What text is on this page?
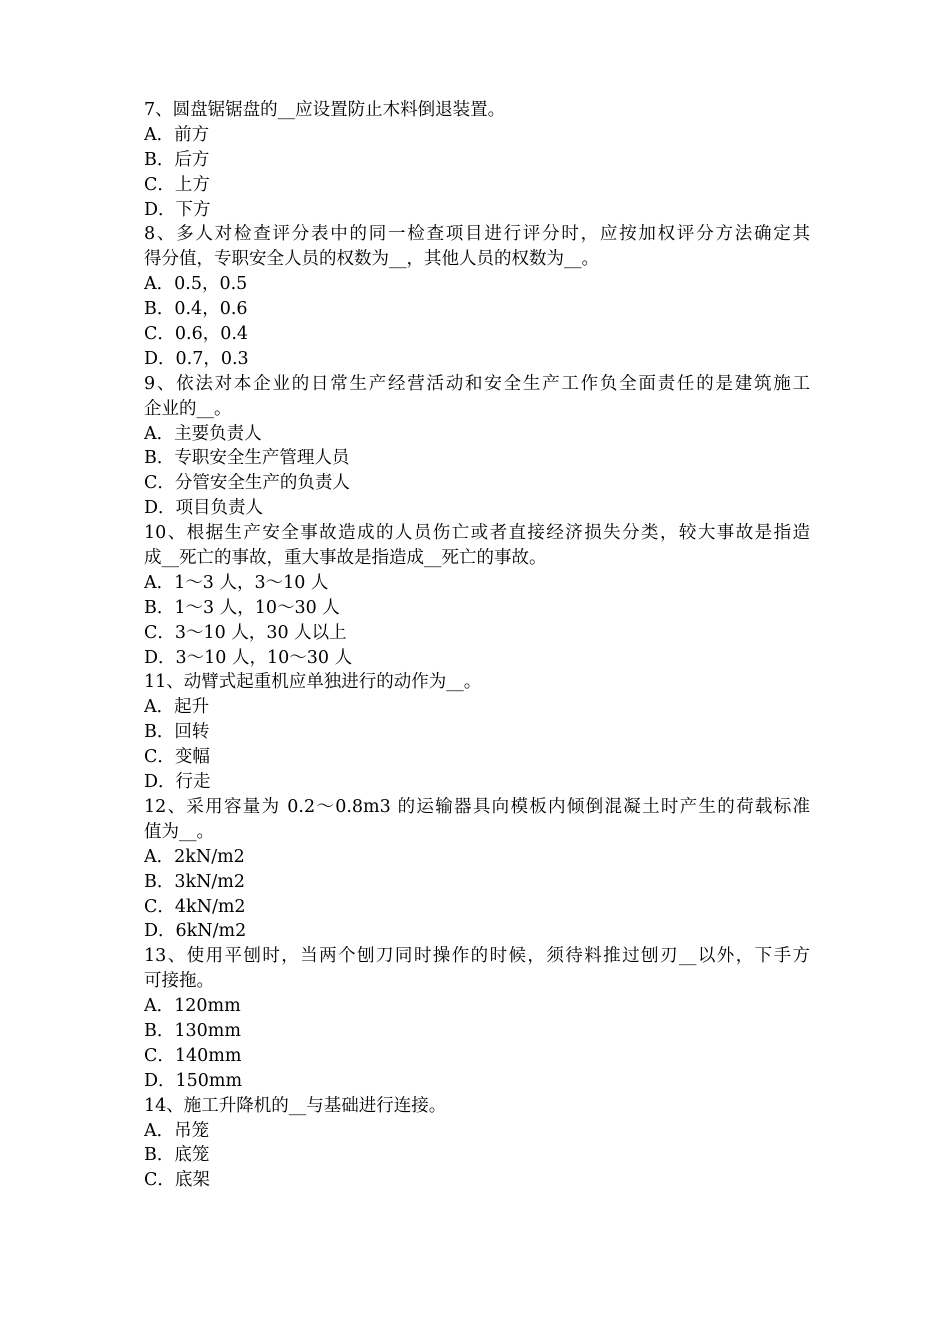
7、圆盘锯锯盘的__应设置防止木料倒退装置。
A．前方
B．后方
C．上方
D．下方
8、多人对检查评分表中的同一检查项目进行评分时，应按加权评分方法确定其
得分值，专职安全人员的权数为__，其他人员的权数为__。
A．0.5，0.5
B．0.4，0.6
C．0.6，0.4
D．0.7，0.3
9、依法对本企业的日常生产经营活动和安全生产工作负全面责任的是建筑施工
企业的__。
A．主要负责人
B．专职安全生产管理人员
C．分管安全生产的负责人
D．项目负责人
10、根据生产安全事故造成的人员伤亡或者直接经济损失分类，较大事故是指造
成__死亡的事故，重大事故是指造成__死亡的事故。
A．1～3 人，3～10 人
B．1～3 人，10～30 人
C．3～10 人，30 人以上
D．3～10 人，10～30 人
11、动臂式起重机应单独进行的动作为__。
A．起升
B．回转
C．变幅
D．行走
12、采用容量为 0.2～0.8m3 的运输器具向模板内倾倒混凝土时产生的荷载标准
值为__。
A．2kN/m2
B．3kN/m2
C．4kN/m2
D．6kN/m2
13、使用平刨时，当两个刨刀同时操作的时候，须待料推过刨刃__以外，下手方
可接拖。
A．120mm
B．130mm
C．140mm
D．150mm
14、施工升降机的__与基础进行连接。
A．吊笼
B．底笼
C．底架
